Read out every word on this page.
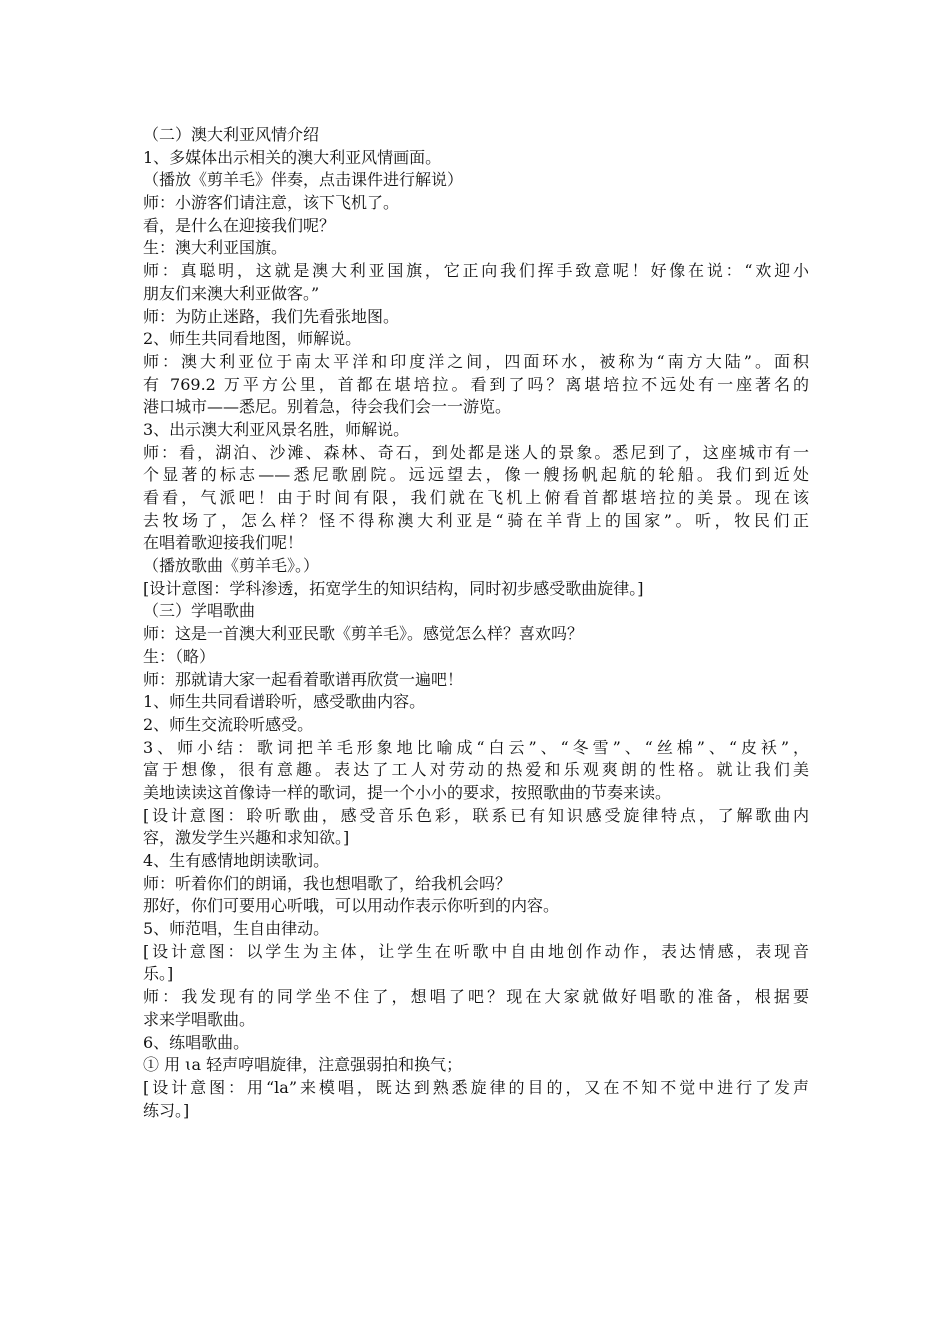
（二）澳大利亚风情介绍
1、多媒体出示相关的澳大利亚风情画面。
（播放《剪羊毛》伴奏，点击课件进行解说）
师：小游客们请注意，该下飞机了。
看，是什么在迎接我们呢？
生：澳大利亚国旗。
师：真聪明，这就是澳大利亚国旗，它正向我们挥手致意呢！好像在说：“欢迎小
朋友们来澳大利亚做客。”
师：为防止迷路，我们先看张地图。
2、师生共同看地图，师解说。
师：澳大利亚位于南太平洋和印度洋之间，四面环水，被称为“南方大陆”。面积
有 769.2 万平方公里，首都在堪培拉。看到了吗？离堪培拉不远处有一座著名的
港口城市——悉尼。别着急，待会我们会一一游览。
3、出示澳大利亚风景名胜，师解说。
师：看，湖泊、沙滩、森林、奇石，到处都是迷人的景象。悉尼到了，这座城市有一
个显著的标志——悉尼歌剧院。远远望去，像一艘扬帆起航的轮船。我们到近处
看看，气派吧！由于时间有限，我们就在飞机上俯看首都堪培拉的美景。现在该
去牧场了，怎么样？怪不得称澳大利亚是“骑在羊背上的国家”。听，牧民们正
在唱着歌迎接我们呢！
（播放歌曲《剪羊毛》。）
[设计意图：学科渗透，拓宽学生的知识结构，同时初步感受歌曲旋律。]
（三）学唱歌曲
师：这是一首澳大利亚民歌《剪羊毛》。感觉怎么样？喜欢吗？
生：（略）
师：那就请大家一起看着歌谱再欣赏一遍吧！
1、师生共同看谱聆听，感受歌曲内容。
2、师生交流聆听感受。
3、师小结：歌词把羊毛形象地比喻成“白云”、“冬雪”、“丝棉”、“皮袄”，
富于想像，很有意趣。表达了工人对劳动的热爱和乐观爽朗的性格。就让我们美
美地读读这首像诗一样的歌词，提一个小小的要求，按照歌曲的节奏来读。
[设计意图：聆听歌曲，感受音乐色彩，联系已有知识感受旋律特点，了解歌曲内
容，激发学生兴趣和求知欲。]
4、生有感情地朗读歌词。
师：听着你们的朗诵，我也想唱歌了，给我机会吗？
那好，你们可要用心听哦，可以用动作表示你听到的内容。
5、师范唱，生自由律动。
[设计意图：以学生为主体，让学生在听歌中自由地创作动作，表达情感，表现音
乐。]
师：我发现有的同学坐不住了，想唱了吧？现在大家就做好唱歌的准备，根据要
求来学唱歌曲。
6、练唱歌曲。
① 用 ɩa 轻声哼唱旋律，注意强弱拍和换气；
[设计意图：用“la”来模唱，既达到熟悉旋律的目的，又在不知不觉中进行了发声
练习。]
